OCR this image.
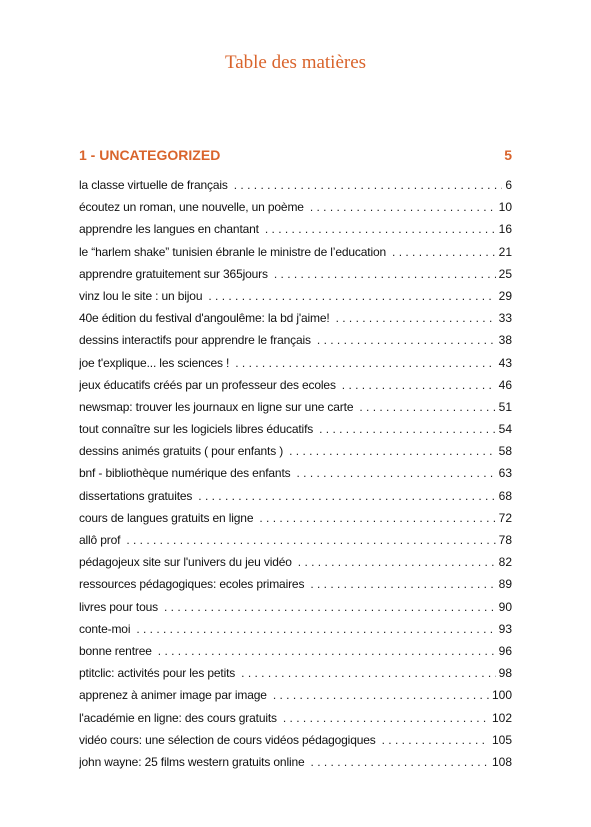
Table des matières
1 - UNCATEGORIZED	5
la classe virtuelle de français . . .	6
écoutez un roman, une nouvelle, un poème . . .	10
apprendre les langues en chantant . . .	16
le “harlem shake” tunisien ébranle le ministre de l’education . . .	21
apprendre gratuitement sur 365jours . . .	25
vinz lou le site : un bijou . . .	29
40e édition du festival d'angoulême: la bd j'aime! . . .	33
dessins interactifs pour apprendre le français . . .	38
joe t'explique... les sciences ! . . .	43
jeux éducatifs créés par un professeur des ecoles . . .	46
newsmap: trouver les journaux en ligne sur une carte . . .	51
tout connaître sur les logiciels libres éducatifs . . .	54
dessins animés gratuits ( pour enfants ) . . .	58
bnf - bibliothèque numérique des enfants . . .	63
dissertations gratuites . . .	68
cours de langues gratuits en ligne . . .	72
allô prof . . .	78
pédagojeux site sur l'univers du jeu vidéo . . .	82
ressources pédagogiques: ecoles primaires . . .	89
livres pour tous . . .	90
conte-moi . . .	93
bonne rentree . . .	96
ptitclic: activités pour les petits . . .	98
apprenez à animer image par image . . .	100
l'académie en ligne: des cours gratuits . . .	102
vidéo cours: une sélection de cours vidéos pédagogiques . . .	105
john wayne: 25 films western gratuits online . . .	108
